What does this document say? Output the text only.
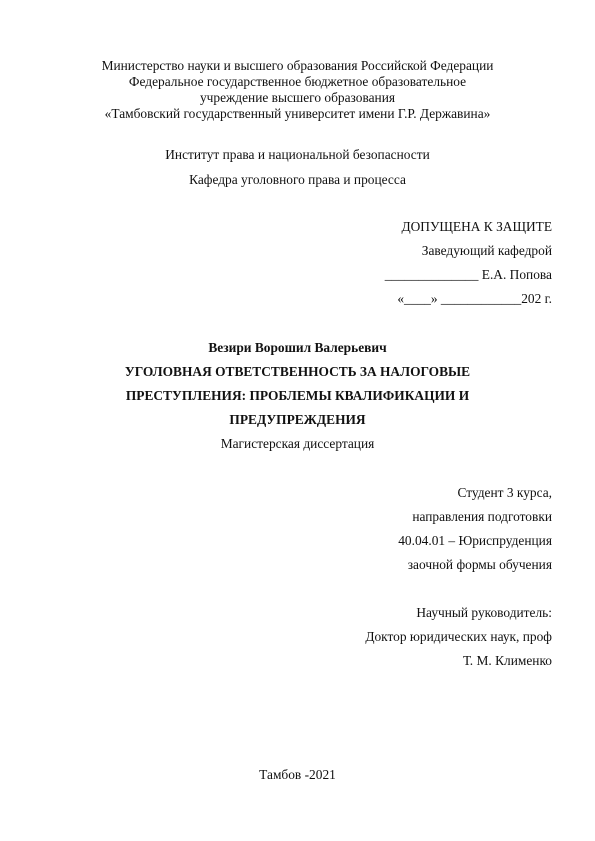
Министерство науки и высшего образования Российской Федерации
Федеральное государственное бюджетное образовательное
учреждение высшего образования
«Тамбовский государственный университет имени Г.Р. Державина»
Институт права и национальной безопасности
Кафедра уголовного права и процесса
ДОПУЩЕНА К ЗАЩИТЕ
Заведующий кафедрой
______________ Е.А. Попова
«____» ____________202 г.
Везири Ворошил Валерьевич
УГОЛОВНАЯ ОТВЕТСТВЕННОСТЬ ЗА НАЛОГОВЫЕ
ПРЕСТУПЛЕНИЯ: ПРОБЛЕМЫ КВАЛИФИКАЦИИ И
ПРЕДУПРЕЖДЕНИЯ
Магистерская диссертация
Студент 3 курса,
направления подготовки
40.04.01 – Юриспруденция
заочной формы обучения
Научный руководитель:
Доктор юридических наук, проф
Т. М. Клименко
Тамбов -2021
